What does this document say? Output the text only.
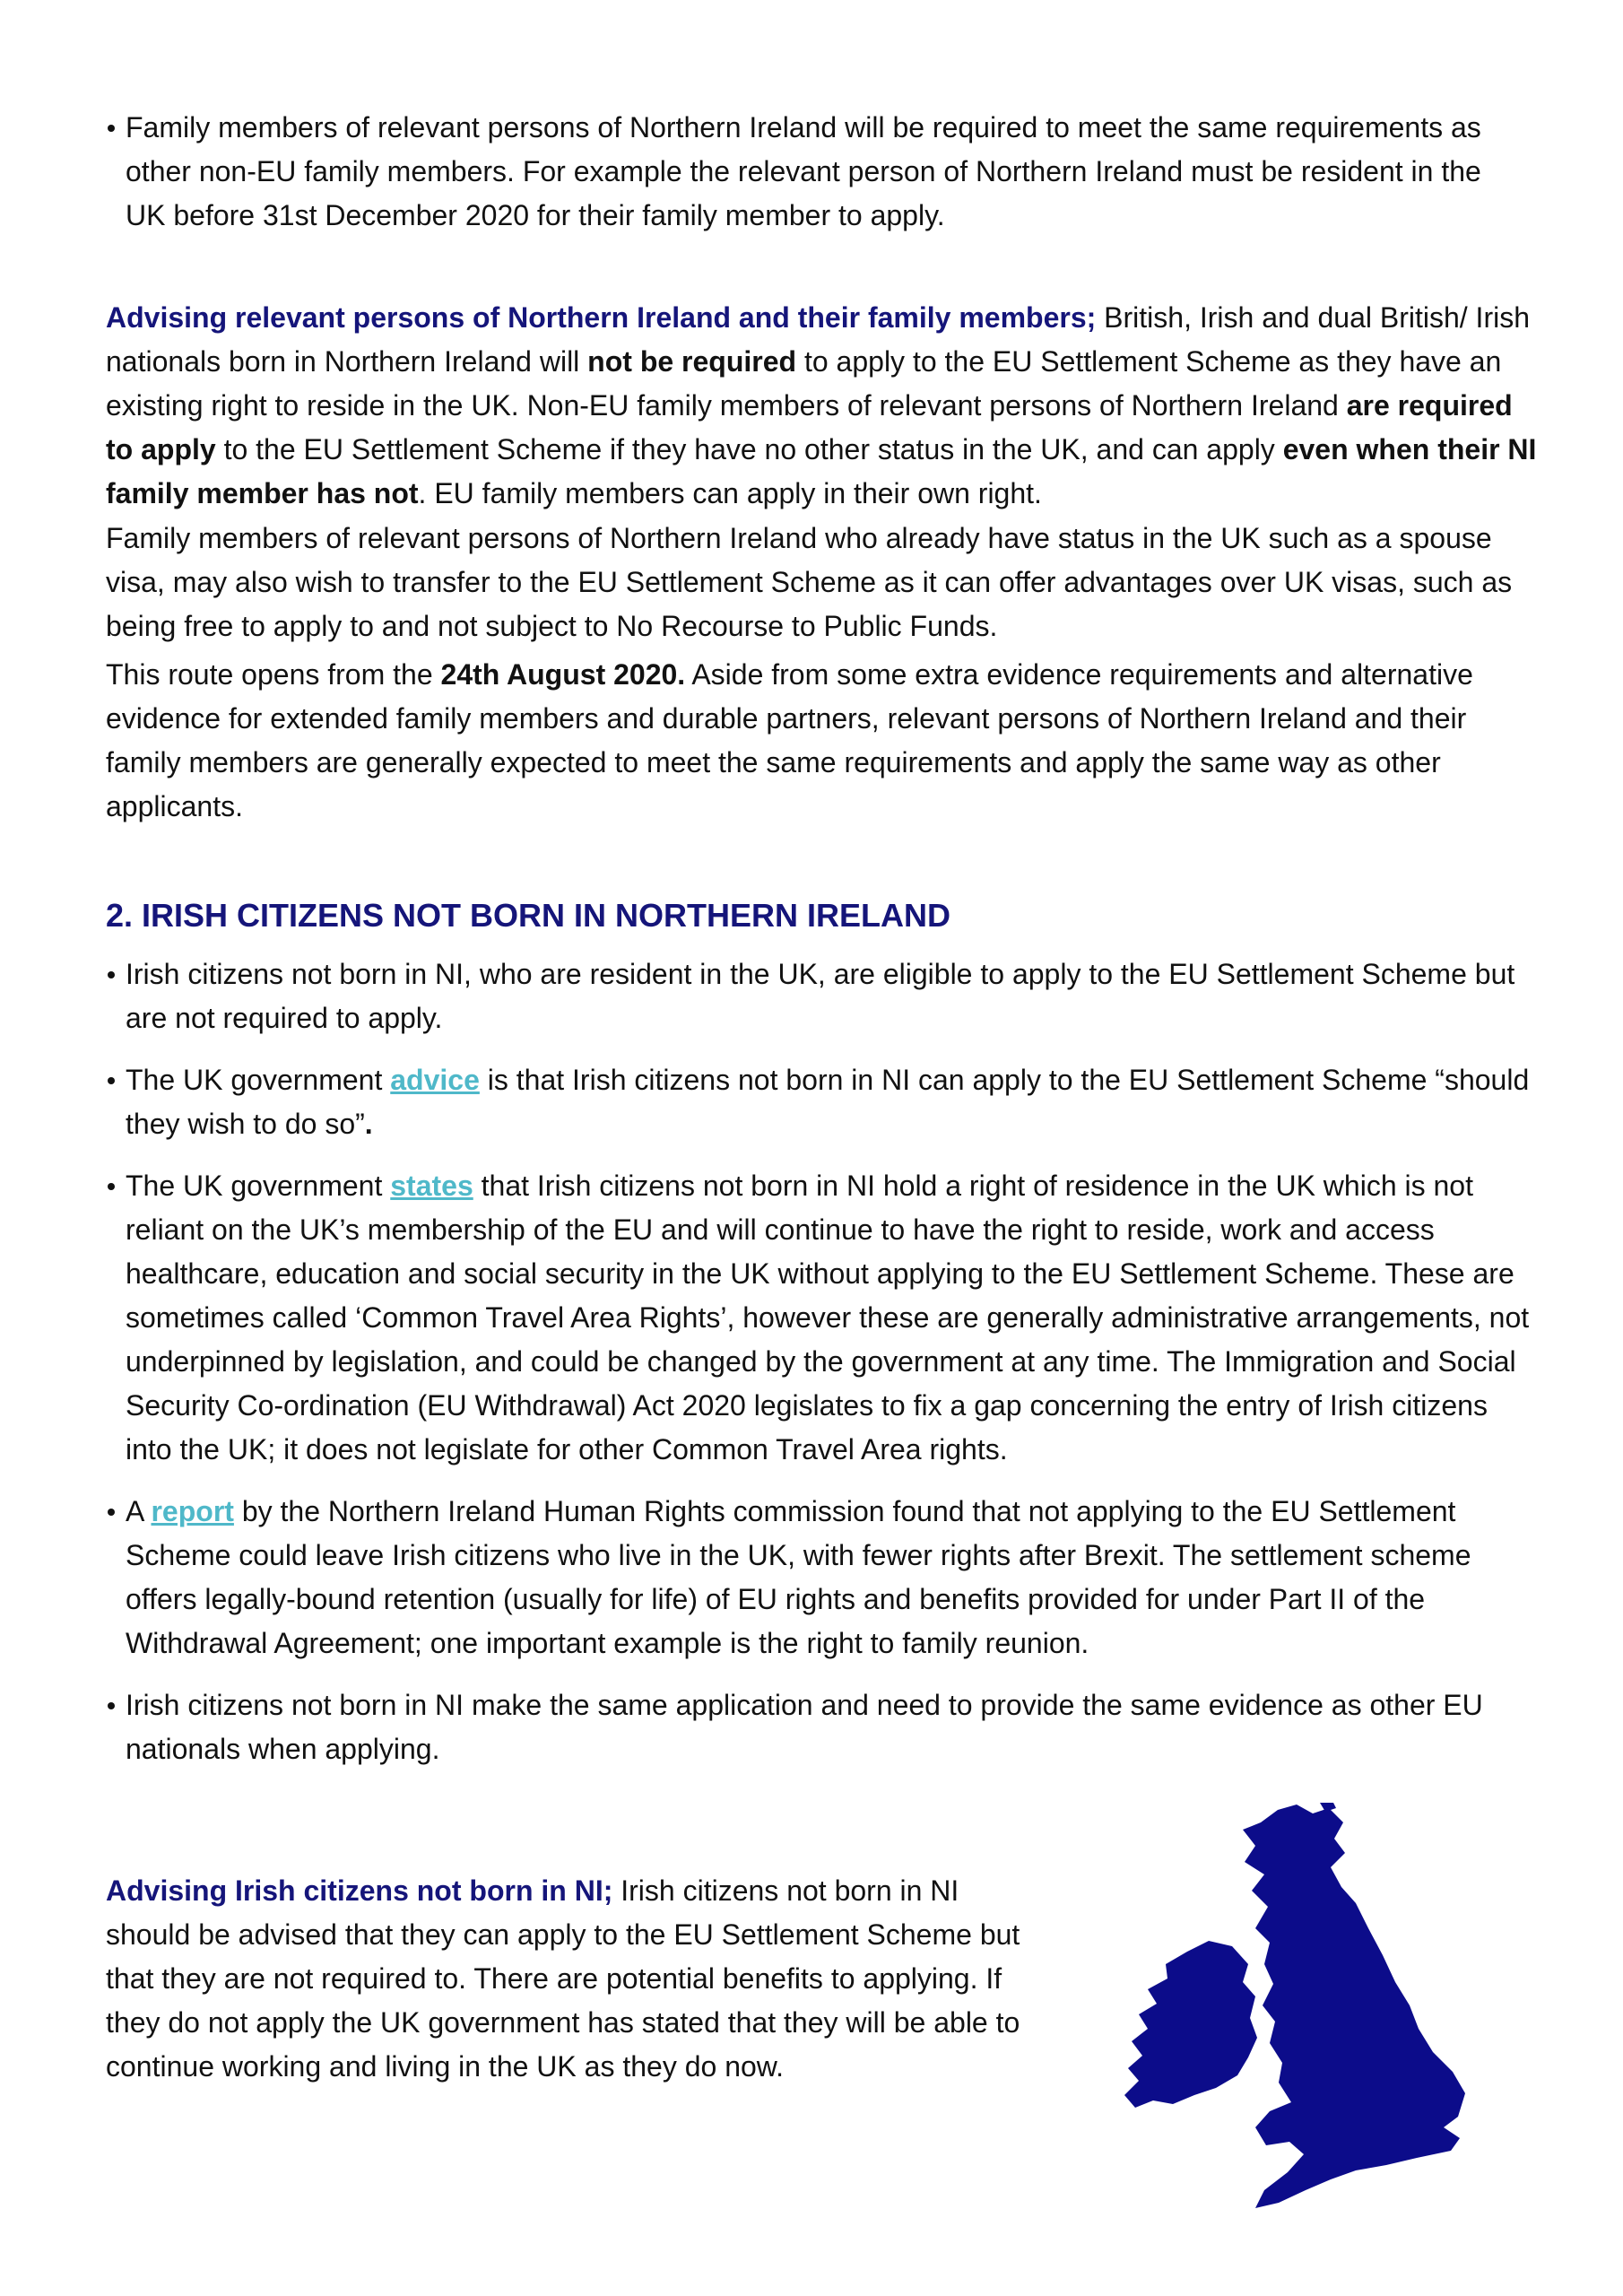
Family members of relevant persons of Northern Ireland will be required to meet the same requirements as other non-EU family members. For example the relevant person of Northern Ireland must be resident in the UK before 31st December 2020 for their family member to apply.

Advising relevant persons of Northern Ireland and their family members; British, Irish and dual British/ Irish nationals born in Northern Ireland will not be required to apply to the EU Settlement Scheme as they have an existing right to reside in the UK. Non-EU family members of relevant persons of Northern Ireland are required to apply to the EU Settlement Scheme if they have no other status in the UK, and can apply even when their NI family member has not. EU family members can apply in their own right.

Family members of relevant persons of Northern Ireland who already have status in the UK such as a spouse visa, may also wish to transfer to the EU Settlement Scheme as it can offer advantages over UK visas, such as being free to apply to and not subject to No Recourse to Public Funds.

This route opens from the 24th August 2020. Aside from some extra evidence requirements and alternative evidence for extended family members and durable partners, relevant persons of Northern Ireland and their family members are generally expected to meet the same requirements and apply the same way as other applicants.

2. IRISH CITIZENS NOT BORN IN NORTHERN IRELAND
Irish citizens not born in NI, who are resident in the UK, are eligible to apply to the EU Settlement Scheme but are not required to apply.
The UK government advice is that Irish citizens not born in NI can apply to the EU Settlement Scheme “should they wish to do so”.
The UK government states that Irish citizens not born in NI hold a right of residence in the UK which is not reliant on the UK’s membership of the EU and will continue to have the right to reside, work and access healthcare, education and social security in the UK without applying to the EU Settlement Scheme. These are sometimes called ‘Common Travel Area Rights’, however these are generally administrative arrangements, not underpinned by legislation, and could be changed by the government at any time. The Immigration and Social Security Co-ordination (EU Withdrawal) Act 2020 legislates to fix a gap concerning the entry of Irish citizens into the UK; it does not legislate for other Common Travel Area rights.
A report by the Northern Ireland Human Rights commission found that not applying to the EU Settlement Scheme could leave Irish citizens who live in the UK, with fewer rights after Brexit. The settlement scheme offers legally-bound retention (usually for life) of EU rights and benefits provided for under Part II of the Withdrawal Agreement; one important example is the right to family reunion.
Irish citizens not born in NI make the same application and need to provide the same evidence as other EU nationals when applying.

Advising Irish citizens not born in NI; Irish citizens not born in NI should be advised that they can apply to the EU Settlement Scheme but that they are not required to. There are potential benefits to applying. If they do not apply the UK government has stated that they will be able to continue working and living in the UK as they do now.
